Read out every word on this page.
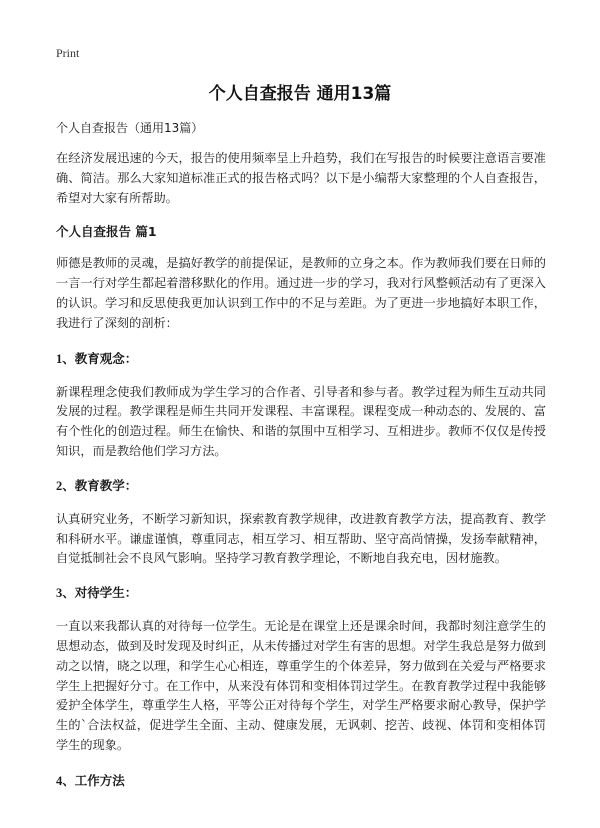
Print
个人自查报告 通用13篇

个人自查报告（通用13篇）

在经济发展迅速的今天，报告的使用频率呈上升趋势，我们在写报告的时候要注意语言要准确、简洁。那么大家知道标准正式的报告格式吗？以下是小编帮大家整理的个人自查报告，希望对大家有所帮助。

个人自查报告 篇1

师德是教师的灵魂，是搞好教学的前提保证，是教师的立身之本。作为教师我们要在日师的一言一行对学生都起着潜移默化的作用。通过进一步的学习，我对行风整顿活动有了更深入的认识。学习和反思使我更加认识到工作中的不足与差距。为了更进一步地搞好本职工作，我进行了深刻的剖析：

1、教育观念：

新课程理念使我们教师成为学生学习的合作者、引导者和参与者。教学过程为师生互动共同发展的过程。教学课程是师生共同开发课程、丰富课程。课程变成一种动态的、发展的、富有个性化的创造过程。师生在愉快、和谐的氛围中互相学习、互相进步。教师不仅仅是传授知识，而是教给他们学习方法。

2、教育教学：

认真研究业务，不断学习新知识，探索教育教学规律，改进教育教学方法，提高教育、教学和科研水平。谦虚谨慎，尊重同志，相互学习、相互帮助、坚守高尚情操，发扬奉献精神，自觉抵制社会不良风气影响。坚持学习教育教学理论，不断地自我充电，因材施教。

3、对待学生：

一直以来我都认真的对待每一位学生。无论是在课堂上还是课余时间，我都时刻注意学生的思想动态，做到及时发现及时纠正，从未传播过对学生有害的思想。对学生我总是努力做到动之以情，晓之以理，和学生心心相连，尊重学生的个体差异，努力做到在关爱与严格要求学生上把握好分寸。在工作中，从来没有体罚和变相体罚过学生。在教育教学过程中我能够爱护全体学生，尊重学生人格，平等公正对待每个学生，对学生严格要求耐心教导，保护学生的`合法权益，促进学生全面、主动、健康发展，无讽刺、挖苦、歧视、体罚和变相体罚学生的现象。

4、工作方法
